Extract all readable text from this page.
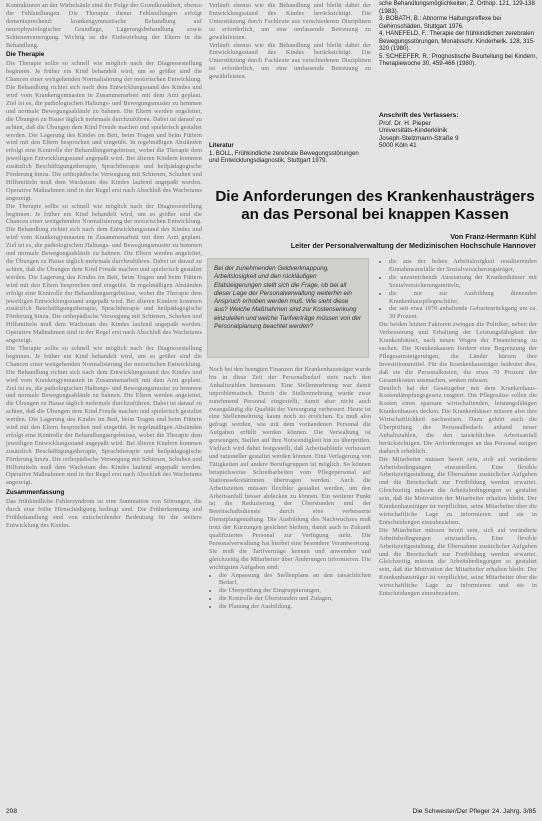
Kontrakturen an der Wirbelsäule sind die Folge der Grundkrankheit, ebenso die Fehlstellungen. Die Therapie dieser Fehlstellungen erfolgt dementsprechend: krankengymnastische Behandlung auf neurophysiologischer Grundlage, Lagerungsbehandlung sowie Schienenversorgung. Wichtig ist die Einbeziehung der Eltern in die Behandlung.

Die Therapie

Die Therapie sollte so schnell wie möglich nach der Diagnosestellung beginnen. Je früher ein Kind behandelt wird, um so größer sind die Chancen einer weitgehenden Normalisierung der motorischen Entwicklung. Die Behandlung richtet sich nach dem Entwicklungsstand des Kindes und wird vom Krankengymnasten in Zusammenarbeit mit dem Arzt geplant. Ziel ist es, die pathologischen Haltungs- und Bewegungsmuster zu hemmen und normale Bewegungsabläufe zu bahnen. Die Eltern werden angeleitet, die Übungen zu Hause täglich mehrmals durchzuführen. Dabei ist darauf zu achten, daß die Übungen dem Kind Freude machen und spielerisch gestaltet werden. Die Lagerung des Kindes im Bett, beim Tragen und beim Füttern wird mit den Eltern besprochen und eingeübt. In regelmäßigen Abständen erfolgt eine Kontrolle der Behandlungsergebnisse, wobei die Therapie dem jeweiligen Entwicklungsstand angepaßt wird. Bei älteren Kindern kommen zusätzlich Beschäftigungstherapie, Sprachtherapie und heilpädagogische Förderung hinzu. Die orthopädische Versorgung mit Schienen, Schuhen und Hilfsmitteln muß dem Wachstum des Kindes laufend angepaßt werden. Operative Maßnahmen sind in der Regel erst nach Abschluß des Wachstums angezeigt.

Die Therapie sollte so schnell wie möglich nach der Diagnosestellung beginnen. Je früher ein Kind behandelt wird, um so größer sind die Chancen einer weitgehenden Normalisierung der motorischen Entwicklung. Die Behandlung richtet sich nach dem Entwicklungsstand des Kindes und wird vom Krankengymnasten in Zusammenarbeit mit dem Arzt geplant. Ziel ist es, die pathologischen Haltungs- und Bewegungsmuster zu hemmen und normale Bewegungsabläufe zu bahnen. Die Eltern werden angeleitet, die Übungen zu Hause täglich mehrmals durchzuführen. Dabei ist darauf zu achten, daß die Übungen dem Kind Freude machen und spielerisch gestaltet werden. Die Lagerung des Kindes im Bett, beim Tragen und beim Füttern wird mit den Eltern besprochen und eingeübt. In regelmäßigen Abständen erfolgt eine Kontrolle der Behandlungsergebnisse, wobei die Therapie dem jeweiligen Entwicklungsstand angepaßt wird. Bei älteren Kindern kommen zusätzlich Beschäftigungstherapie, Sprachtherapie und heilpädagogische Förderung hinzu. Die orthopädische Versorgung mit Schienen, Schuhen und Hilfsmitteln muß dem Wachstum des Kindes laufend angepaßt werden. Operative Maßnahmen sind in der Regel erst nach Abschluß des Wachstums angezeigt.

Die Therapie sollte so schnell wie möglich nach der Diagnosestellung beginnen. Je früher ein Kind behandelt wird, um so größer sind die Chancen einer weitgehenden Normalisierung der motorischen Entwicklung. Die Behandlung richtet sich nach dem Entwicklungsstand des Kindes und wird vom Krankengymnasten in Zusammenarbeit mit dem Arzt geplant. Ziel ist es, die pathologischen Haltungs- und Bewegungsmuster zu hemmen und normale Bewegungsabläufe zu bahnen. Die Eltern werden angeleitet, die Übungen zu Hause täglich mehrmals durchzuführen. Dabei ist darauf zu achten, daß die Übungen dem Kind Freude machen und spielerisch gestaltet werden. Die Lagerung des Kindes im Bett, beim Tragen und beim Füttern wird mit den Eltern besprochen und eingeübt. In regelmäßigen Abständen erfolgt eine Kontrolle der Behandlungsergebnisse, wobei die Therapie dem jeweiligen Entwicklungsstand angepaßt wird. Bei älteren Kindern kommen zusätzlich Beschäftigungstherapie, Sprachtherapie und heilpädagogische Förderung hinzu. Die orthopädische Versorgung mit Schienen, Schuhen und Hilfsmitteln muß dem Wachstum des Kindes laufend angepaßt werden. Operative Maßnahmen sind in der Regel erst nach Abschluß des Wachstums angezeigt.

Zusammenfassung

Das frühkindliche Fehlersyndrom ist eine Summation von Störungen, die durch eine frühe Hirnschädigung bedingt sind. Die Früherkennung und Frühbehandlung sind von entscheidender Bedeutung für die weitere Entwicklung des Kindes.

Verläuft ebenso wie die Behandlung und bleibt dabei der Entwicklungsstand des Kindes berücksichtigt. Die Unterstützung durch Fachleute aus verschiedenen Disziplinen ist erforderlich, um eine umfassende Betreuung zu gewährleisten.

Verläuft ebenso wie die Behandlung und bleibt dabei der Entwicklungsstand des Kindes berücksichtigt. Die Unterstützung durch Fachleute aus verschiedenen Disziplinen ist erforderlich, um eine umfassende Betreuung zu gewährleisten.

Literatur
1. BOLL, Frühkindliche zerebrale Bewegungsstörungen und Entwicklungsdiagnostik, Stuttgart 1979.
sche Behandlungsmöglichkeiten, Z. Orthop. 121, 129-138 (1983).
3. BOBATH, B.: Abnorme Haltungsreflexe bei Gehirnschäden, Stuttgart 1976.
4. HANEFELD, F.: Therapie der frühkindlichen zerebralen Bewegungsstörungen, Monatsschr. Kinderheilk. 128, 315-320 (1980).
5. SCHEEFER, R.: Prognostische Beurteilung bei Kindern, Therapiewoche 30, 459-466 (1980).
Anschrift des Verfassers:
Prof. Dr. H. Pieper
Universitäts-Kinderklinik
Joseph-Stelzmann-Straße 9
5000 Köln 41
Die Anforderungen des Krankenhausträgers an das Personal bei knappen Kassen
Von Franz-Hermann Kühl
Leiter der Personalverwaltung der Medizinischen Hochschule Hannover
Bei der zunehmenden Geldverknappung, Arbeitslosigkeit und den rückläufigen Etatsteigerungen stellt sich die Frage, ob bei all dieser Lage der Personalverwaltung weiterhin ein Anspruch erhoben werden muß. Wie sieht diese aus? Welche Maßnahmen sind zur Kostensenkung einzuleiten und welche Tarifverträge müssen von der Personalplanung beachtet werden?

Noch bei den beengten Finanzen der Krankenhausträger wurde bis in diese Zeit der Personalbedarf stets nach den Anhaltszahlen bemessen. Eine Stellenmehrung war damit unproblematisch. Durch die Stellenmehrung wurde zwar zunehmend Personal eingestellt, damit aber nicht auch zwangsläufig die Qualität der Versorgung verbessert. Heute ist eine Stellenmehrung kaum noch zu erreichen. Es muß also gefragt werden, wie mit dem vorhandenen Personal die Aufgaben erfüllt werden können. Die Verwaltung ist gezwungen, Stellen auf ihre Notwendigkeit hin zu überprüfen. Vielfach wird dabei festgestellt, daß Arbeitsabläufe verbessert und rationeller gestaltet werden können. Eine Verlagerung von Tätigkeiten auf andere Berufsgruppen ist möglich. So können beispielsweise Schreibarbeiten vom Pflegepersonal auf Stationssekretärinnen übertragen werden. Auch die Arbeitszeiten müssen flexibler gestaltet werden, um den Arbeitsanfall besser abdecken zu können. Ein weiterer Punkt ist die Reduzierung der Überstunden und der Bereitschaftsdienste durch eine verbesserte Dienstplangestaltung. Die Ausbildung des Nachwuchses muß trotz der Kürzungen gesichert bleiben, damit auch in Zukunft qualifiziertes Personal zur Verfügung steht. Die Personalverwaltung hat hierbei eine besondere Verantwortung. Sie muß die Tarifverträge kennen und anwenden und gleichzeitig die Mitarbeiter über Änderungen informieren. Die wichtigsten Aufgaben sind:

• die Anpassung des Stellenplans an den tatsächlichen Bedarf,
• die Überprüfung der Eingruppierungen,
• die Kontrolle der Überstunden und Zulagen,
• die Planung der Ausbildung.
• die aus der hohen Arbeitslosigkeit resultierenden Einnahmeausfälle der Sozialversicherungsträger,
• die unzureichende Ausstattung der Krankenhäuser mit Sozialversicherungsmitteln,
• die nur zur Ausbildung dienenden Krankenhauspflegeschüler,
• der seit etwa 1970 anhaltende Geburtenrückgang um ca. 30 Prozent.

Die beiden letzten Faktoren zwingen die Politiker, neben der Verbesserung und Erhaltung der Leistungsfähigkeit der Krankenhäuser, nach neuen Wegen der Finanzierung zu suchen. Die Krankenkassen fordern eine Begrenzung der Pflegesatzsteigerungen, die Länder kürzen ihre Investitionsmittel. Für die Krankenhausträger bedeutet dies, daß sie die Personalkosten, die etwa 70 Prozent der Gesamtkosten ausmachen, senken müssen.

Deutlich hat der Gesetzgeber mit dem Krankenhaus-Kostendämpfungsgesetz reagiert. Die Pflegesätze sollen die Kosten eines sparsam wirtschaftenden, leistungsfähigen Krankenhauses decken. Die Krankenhäuser müssen also ihre Wirtschaftlichkeit nachweisen. Dazu gehört auch die Überprüfung des Personalbedarfs anhand neuer Anhaltszahlen, die den tatsächlichen Arbeitsanfall berücksichtigen. Die Anforderungen an das Personal steigen dadurch erheblich.

Die Mitarbeiter müssen bereit sein, sich auf veränderte Arbeitsbedingungen einzustellen. Eine flexible Arbeitszeitgestaltung, die Übernahme zusätzlicher Aufgaben und die Bereitschaft zur Fortbildung werden erwartet. Gleichzeitig müssen die Arbeitsbedingungen so gestaltet sein, daß die Motivation der Mitarbeiter erhalten bleibt. Der Krankenhausträger ist verpflichtet, seine Mitarbeiter über die wirtschaftliche Lage zu informieren und sie in Entscheidungen einzubeziehen.

Die Mitarbeiter müssen bereit sein, sich auf veränderte Arbeitsbedingungen einzustellen. Eine flexible Arbeitszeitgestaltung, die Übernahme zusätzlicher Aufgaben und die Bereitschaft zur Fortbildung werden erwartet. Gleichzeitig müssen die Arbeitsbedingungen so gestaltet sein, daß die Motivation der Mitarbeiter erhalten bleibt. Der Krankenhausträger ist verpflichtet, seine Mitarbeiter über die wirtschaftliche Lage zu informieren und sie in Entscheidungen einzubeziehen.

208	Die Schwester/Der Pfleger 24. Jahrg. 3/85
